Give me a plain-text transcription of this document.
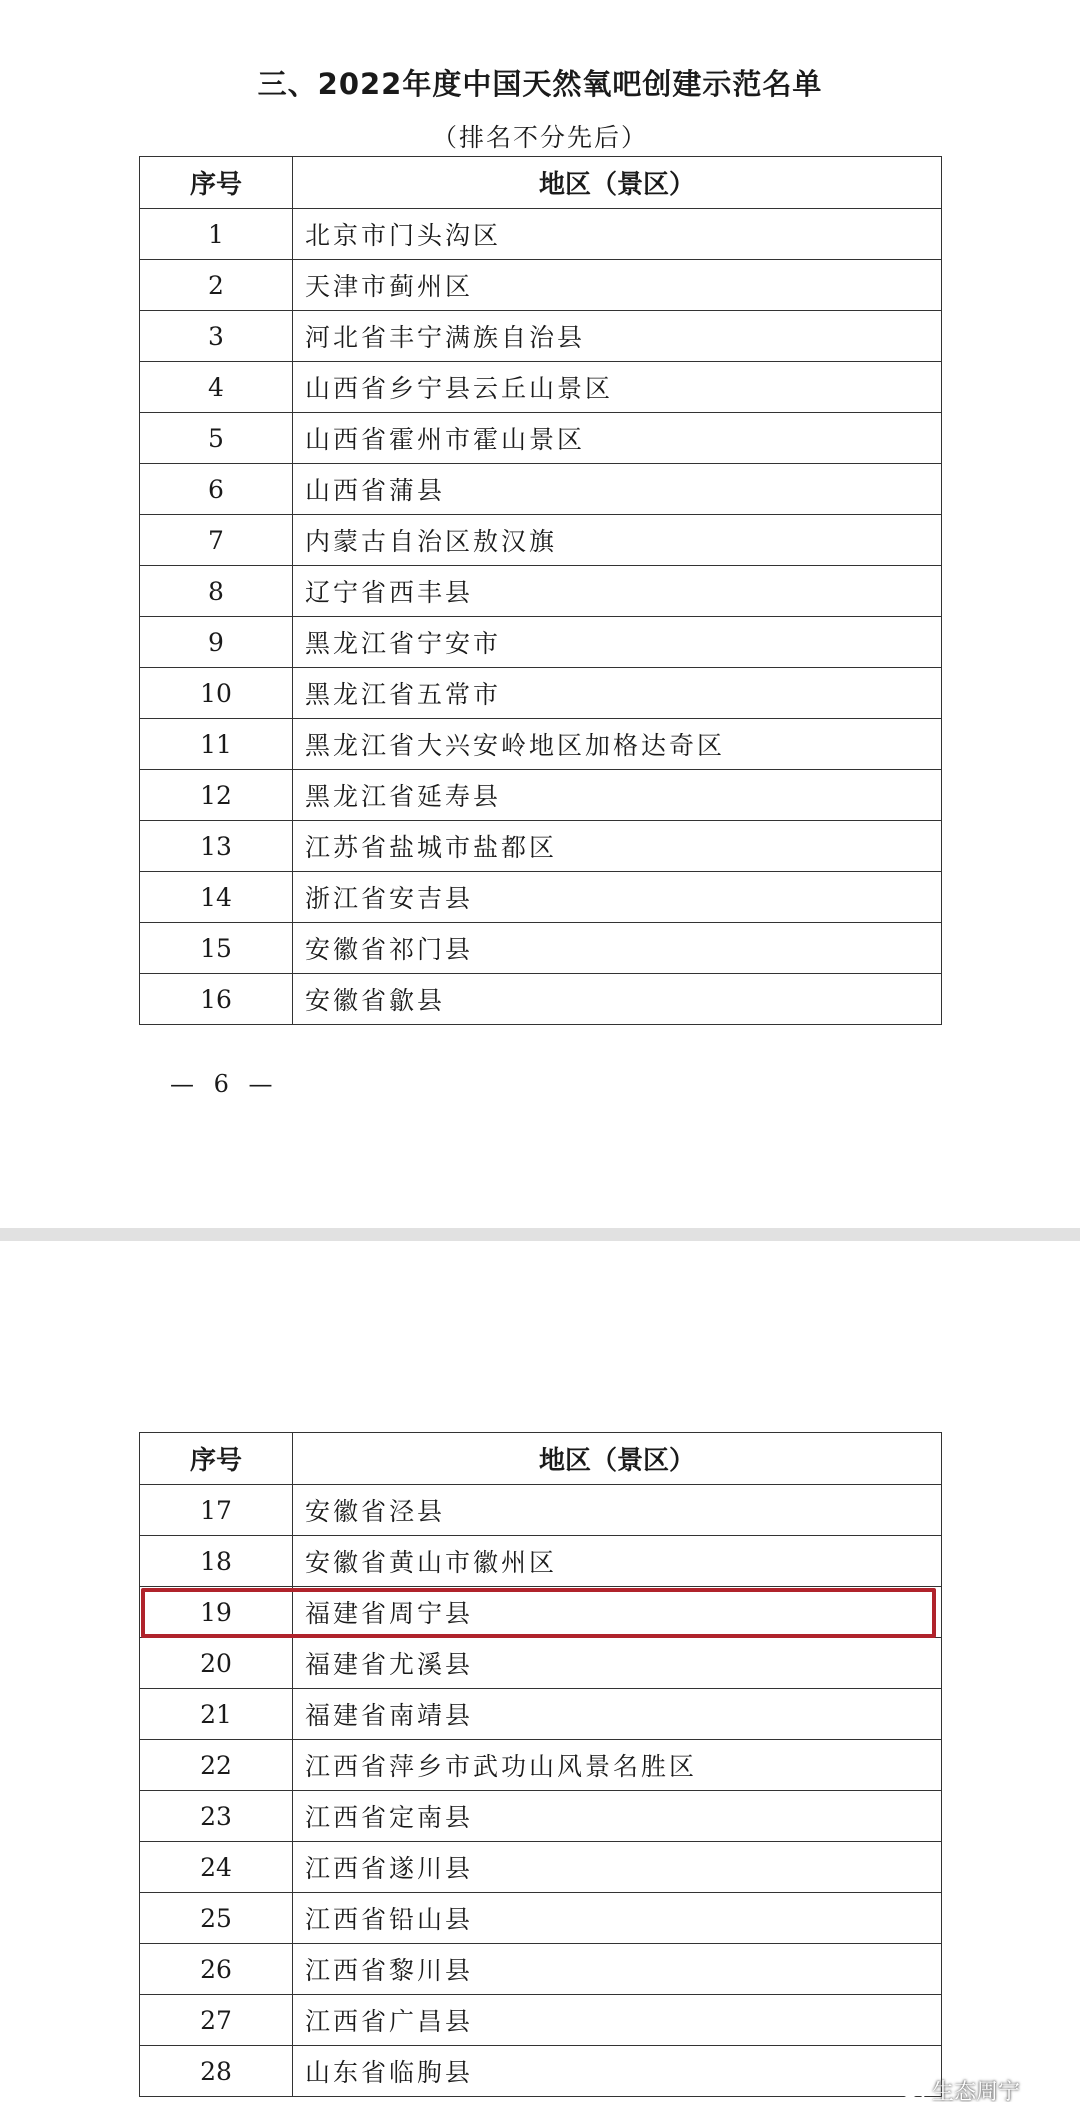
三、2022年度中国天然氧吧创建示范名单
（排名不分先后）
序号	地区（景区）
1	北京市门头沟区
2	天津市蓟州区
3	河北省丰宁满族自治县
4	山西省乡宁县云丘山景区
5	山西省霍州市霍山景区
6	山西省蒲县
7	内蒙古自治区敖汉旗
8	辽宁省西丰县
9	黑龙江省宁安市
10	黑龙江省五常市
11	黑龙江省大兴安岭地区加格达奇区
12	黑龙江省延寿县
13	江苏省盐城市盐都区
14	浙江省安吉县
15	安徽省祁门县
16	安徽省歙县
— 6 —
序号	地区（景区）
17	安徽省泾县
18	安徽省黄山市徽州区
19	福建省周宁县
20	福建省尤溪县
21	福建省南靖县
22	江西省萍乡市武功山风景名胜区
23	江西省定南县
24	江西省遂川县
25	江西省铅山县
26	江西省黎川县
27	江西省广昌县
28	山东省临朐县
生态周宁
